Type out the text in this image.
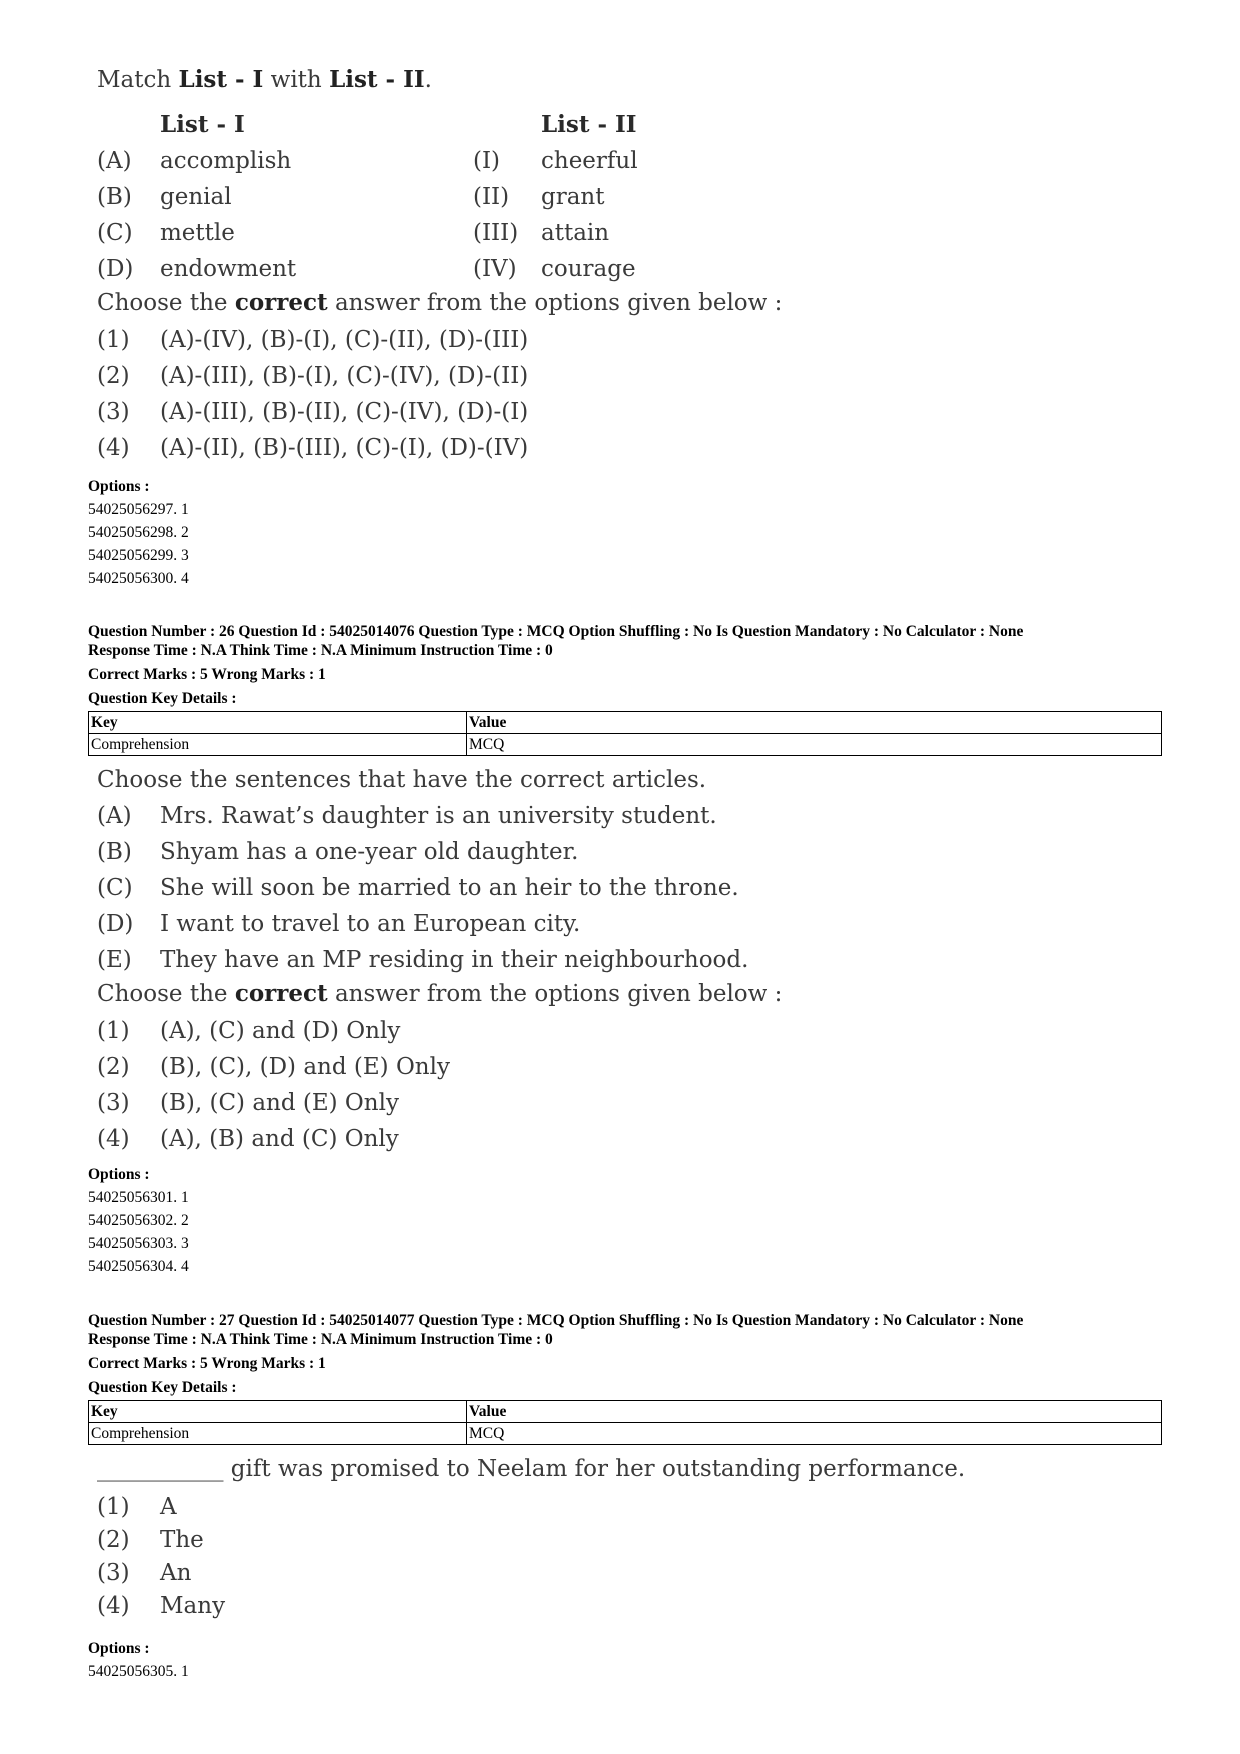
Match List - I with List - II.
List - I	List - II
(A) accomplish	(I) cheerful
(B) genial	(II) grant
(C) mettle	(III) attain
(D) endowment	(IV) courage
Choose the correct answer from the options given below :
(1) (A)-(IV), (B)-(I), (C)-(II), (D)-(III)
(2) (A)-(III), (B)-(I), (C)-(IV), (D)-(II)
(3) (A)-(III), (B)-(II), (C)-(IV), (D)-(I)
(4) (A)-(II), (B)-(III), (C)-(I), (D)-(IV)
Options :
54025056297. 1
54025056298. 2
54025056299. 3
54025056300. 4
Question Number : 26 Question Id : 54025014076 Question Type : MCQ Option Shuffling : No Is Question Mandatory : No Calculator : None
Response Time : N.A Think Time : N.A Minimum Instruction Time : 0
Correct Marks : 5 Wrong Marks : 1
Question Key Details :
Key	Value
Comprehension	MCQ
Choose the sentences that have the correct articles.
(A) Mrs. Rawat’s daughter is an university student.
(B) Shyam has a one-year old daughter.
(C) She will soon be married to an heir to the throne.
(D) I want to travel to an European city.
(E) They have an MP residing in their neighbourhood.
Choose the correct answer from the options given below :
(1) (A), (C) and (D) Only
(2) (B), (C), (D) and (E) Only
(3) (B), (C) and (E) Only
(4) (A), (B) and (C) Only
Options :
54025056301. 1
54025056302. 2
54025056303. 3
54025056304. 4
Question Number : 27 Question Id : 54025014077 Question Type : MCQ Option Shuffling : No Is Question Mandatory : No Calculator : None
Response Time : N.A Think Time : N.A Minimum Instruction Time : 0
Correct Marks : 5 Wrong Marks : 1
Question Key Details :
Key	Value
Comprehension	MCQ
___________ gift was promised to Neelam for her outstanding performance.
(1) A
(2) The
(3) An
(4) Many
Options :
54025056305. 1
